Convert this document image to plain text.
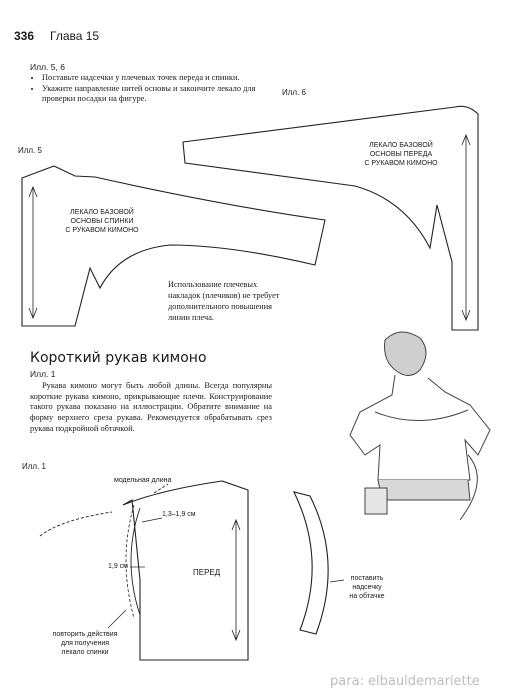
336 Глава 15
Илл. 5, 6
• Поставьте надсечки у плечевых точек переда и спинки.
• Укажите направление нитей основы и закончите лекало для проверки посадки на фигуре.
Илл. 6
Илл. 5
ЛЕКАЛО БАЗОВОЙ
ОСНОВЫ ПЕРЕДА
С РУКАВОМ КИМОНО
ЛЕКАЛО БАЗОВОЙ
ОСНОВЫ СПИНКИ
С РУКАВОМ КИМОНО
Использование плечевых накладок (плечиков) не требует дополнительного повышения линии плеча.
Короткий рукав кимоно
Илл. 1
Рукава кимоно могут быть любой длины. Всегда популярны короткие рукава кимоно, прикрывающие плечи. Конструирование такого рукава показано на иллюстрации. Обратите внимание на форму верхнего среза рукава. Рекомендуется обрабатывать срез рукава подкройной обтачкой.
Илл. 1
модельная длина
1,3–1,9 см
1,9 см
ПЕРЕД
поставить
надсечку
на обтачке
повторить действия
для получения
лекало спинки
para: elbauldemariette
